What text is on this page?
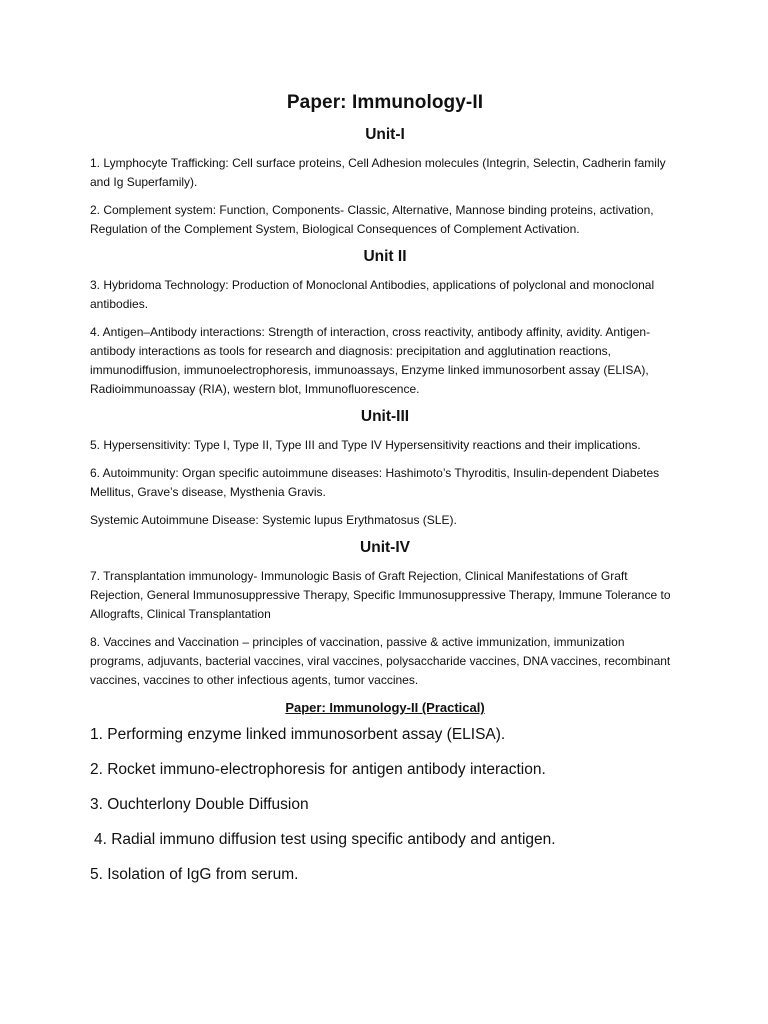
Paper: Immunology-II
Unit-I

1. Lymphocyte Trafficking: Cell surface proteins, Cell Adhesion molecules (Integrin, Selectin, Cadherin family and Ig Superfamily).

2. Complement system: Function, Components- Classic, Alternative, Mannose binding proteins, activation, Regulation of the Complement System, Biological Consequences of Complement Activation.

Unit II

3. Hybridoma Technology: Production of Monoclonal Antibodies, applications of polyclonal and monoclonal antibodies.

4. Antigen–Antibody interactions: Strength of interaction, cross reactivity, antibody affinity, avidity. Antigen-antibody interactions as tools for research and diagnosis: precipitation and agglutination reactions, immunodiffusion, immunoelectrophoresis, immunoassays, Enzyme linked immunosorbent assay (ELISA), Radioimmunoassay (RIA), western blot, Immunofluorescence.

Unit-III

5. Hypersensitivity: Type I, Type II, Type III and Type IV Hypersensitivity reactions and their implications.

6. Autoimmunity: Organ specific autoimmune diseases: Hashimoto’s Thyroditis, Insulin-dependent Diabetes Mellitus, Grave’s disease, Mysthenia Gravis.

Systemic Autoimmune Disease: Systemic lupus Erythmatosus (SLE).

Unit-IV

7. Transplantation immunology- Immunologic Basis of Graft Rejection, Clinical Manifestations of Graft Rejection, General Immunosuppressive Therapy, Specific Immunosuppressive Therapy, Immune Tolerance to Allografts, Clinical Transplantation

8. Vaccines and Vaccination – principles of vaccination, passive & active immunization, immunization programs, adjuvants, bacterial vaccines, viral vaccines, polysaccharide vaccines, DNA vaccines, recombinant vaccines, vaccines to other infectious agents, tumor vaccines.

Paper: Immunology-II (Practical)
1. Performing enzyme linked immunosorbent assay (ELISA).
2. Rocket immuno-electrophoresis for antigen antibody interaction.
3. Ouchterlony Double Diffusion
4. Radial immuno diffusion test using specific antibody and antigen.
5. Isolation of IgG from serum.
